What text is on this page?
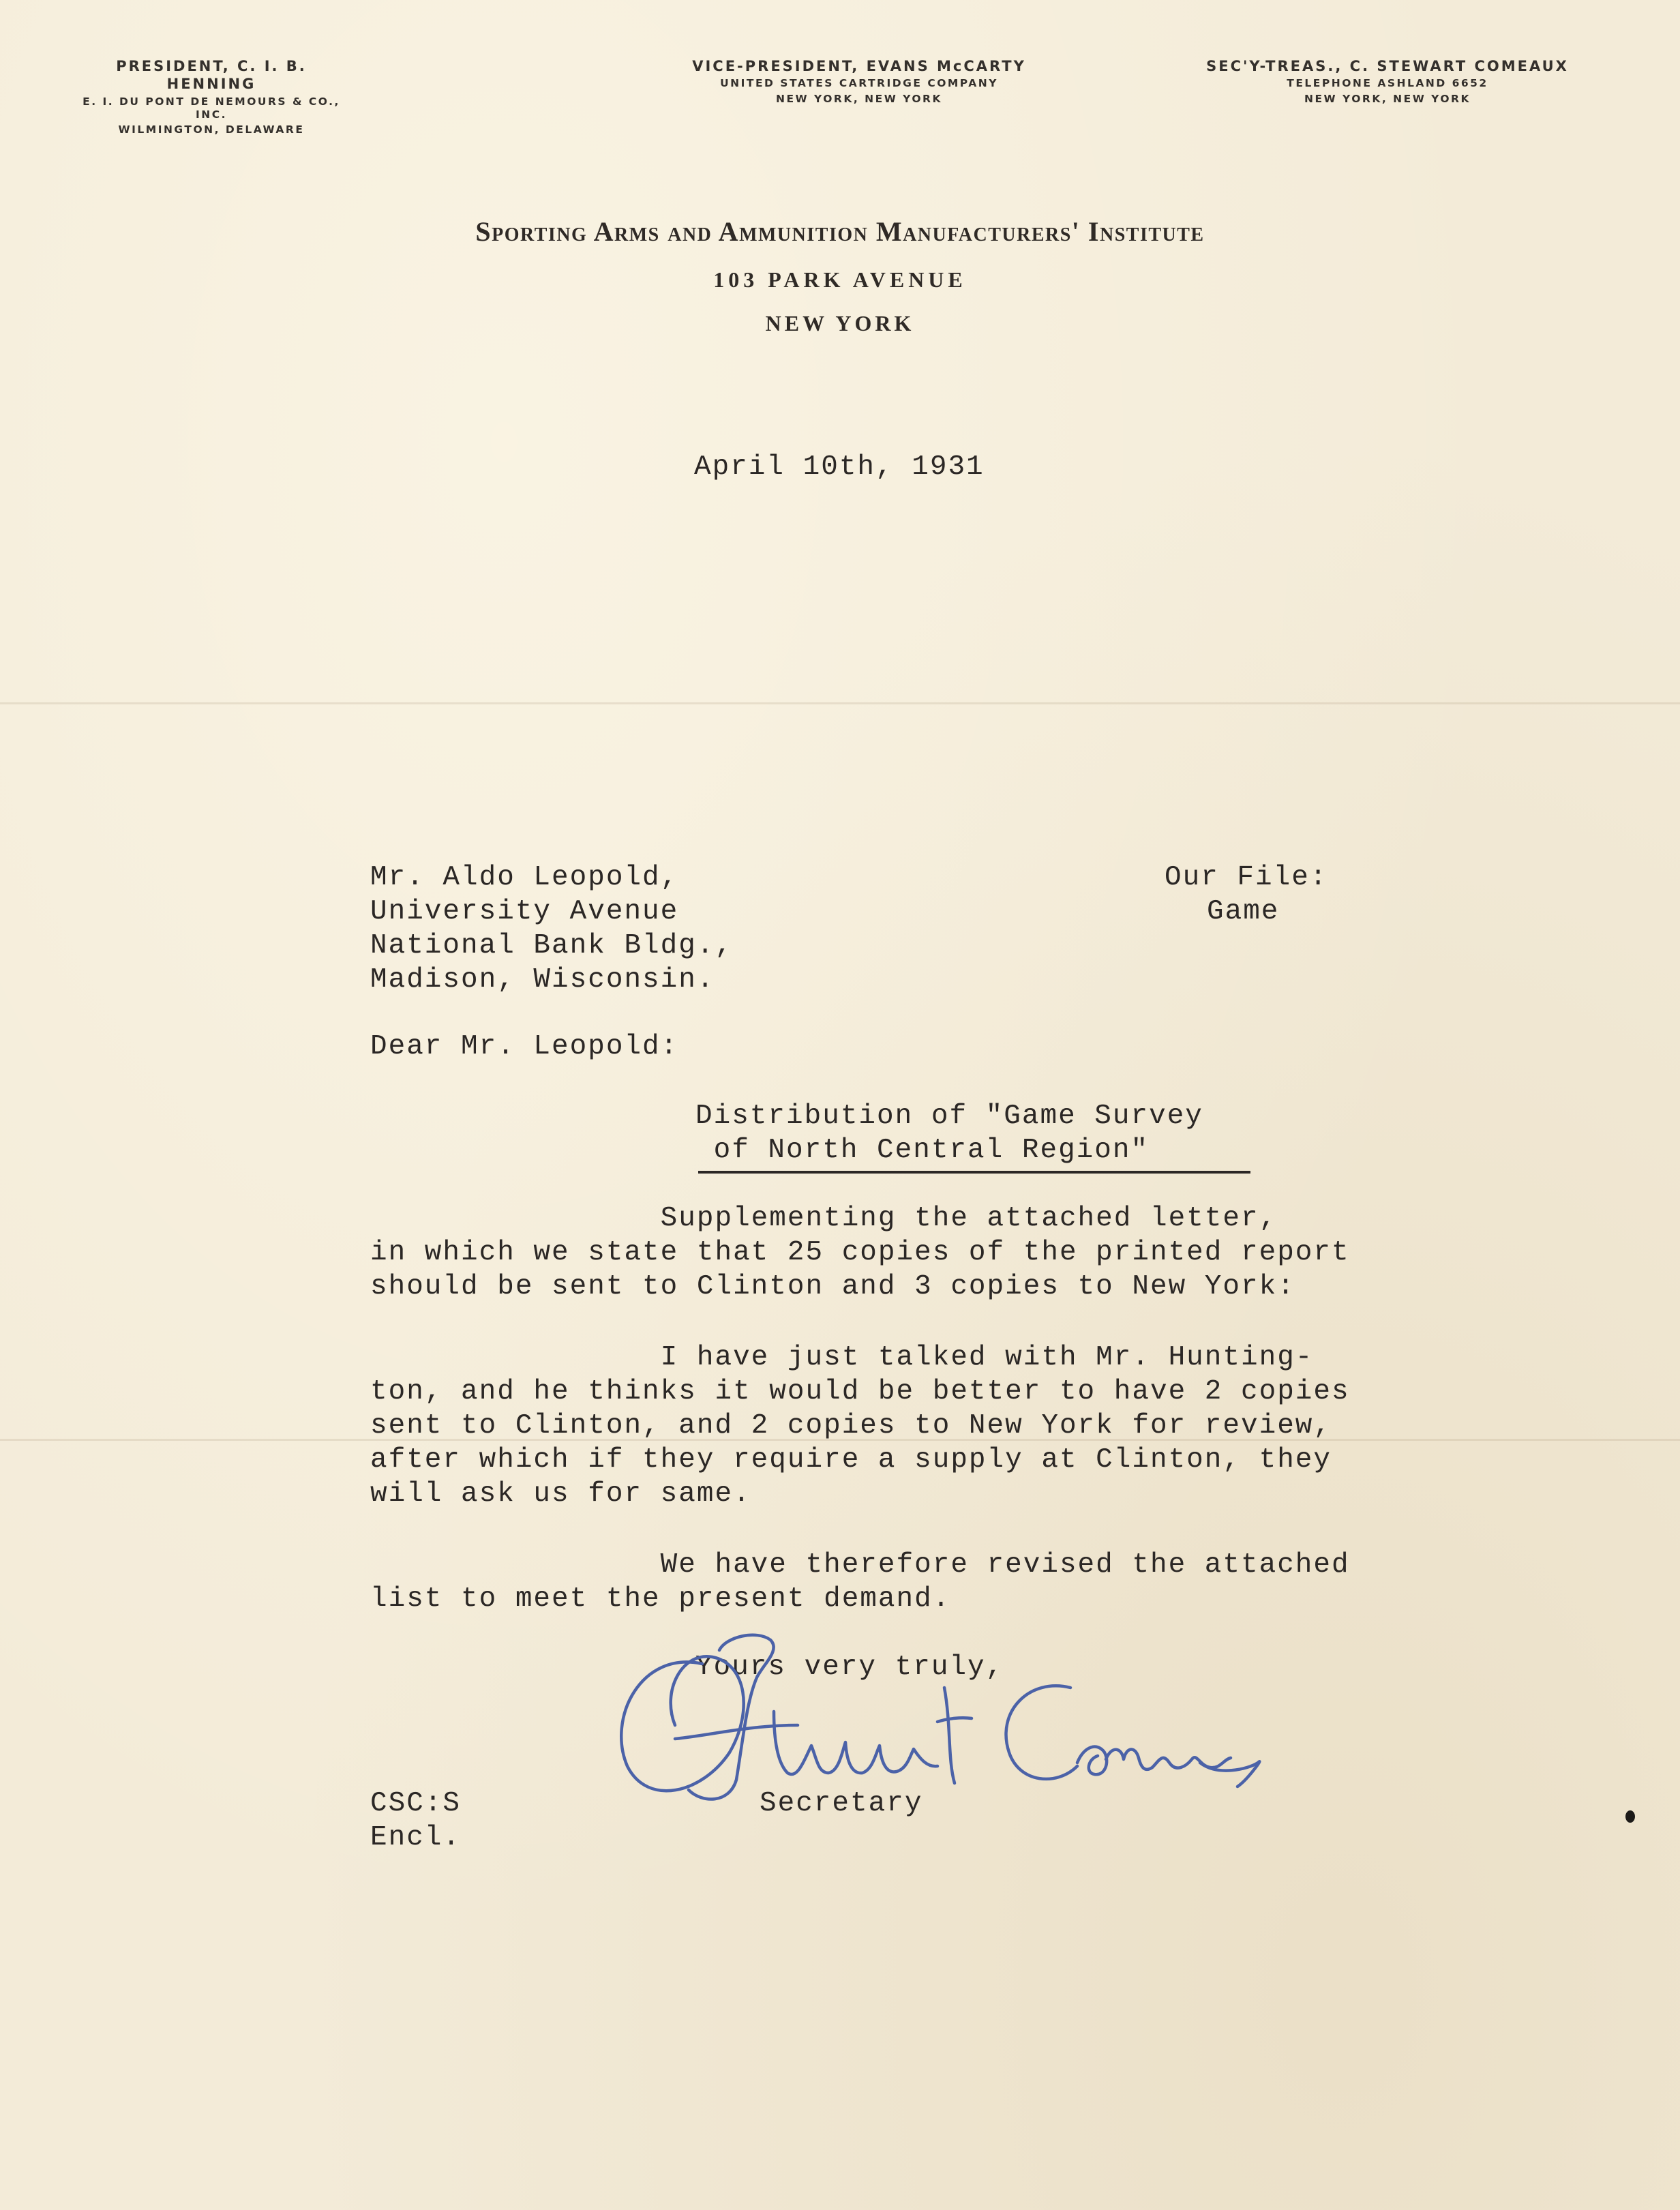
PRESIDENT, C. I. B. HENNING
E. I. DU PONT DE NEMOURS & CO., INC.
WILMINGTON, DELAWARE
VICE-PRESIDENT, EVANS McCARTY
UNITED STATES CARTRIDGE COMPANY
NEW YORK, NEW YORK
SEC'Y-TREAS., C. STEWART COMEAUX
TELEPHONE ASHLAND 6652
NEW YORK, NEW YORK
Sporting Arms and Ammunition Manufacturers' Institute
103 PARK AVENUE
NEW YORK
April 10th, 1931
Mr. Aldo Leopold,
University Avenue
National Bank Bldg.,
Madison, Wisconsin.
Our File:
Game
Dear Mr. Leopold:
Distribution of "Game Survey
of North Central Region"
Supplementing the attached letter,
in which we state that 25 copies of the printed report
should be sent to Clinton and 3 copies to New York:
I have just talked with Mr. Hunting-
ton, and he thinks it would be better to have 2 copies
sent to Clinton, and 2 copies to New York for review,
after which if they require a supply at Clinton, they
will ask us for same.
We have therefore revised the attached
list to meet the present demand.
Yours very truly,
Secretary
CSC:S
Encl.
